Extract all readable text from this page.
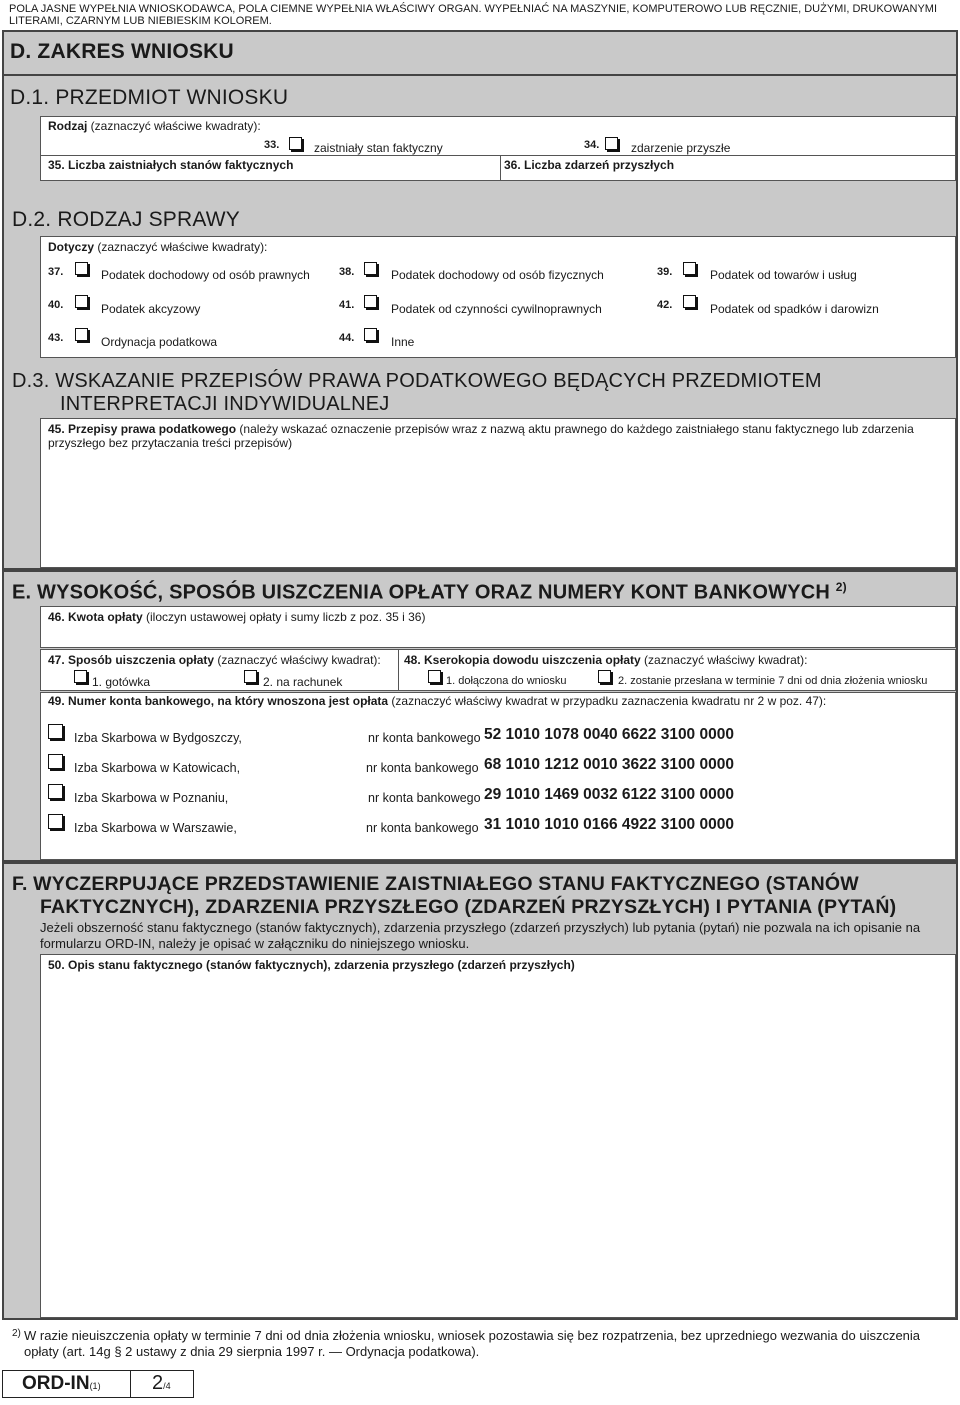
POLA JASNE WYPEŁNIA WNIOSKODAWCA, POLA CIEMNE WYPEŁNIA WŁAŚCIWY ORGAN. WYPEŁNIAĆ NA MASZYNIE, KOMPUTEROWO LUB RĘCZNIE, DUŻYMI, DRUKOWANYMI LITERAMI, CZARNYM LUB NIEBIESKIM KOLOREM.
D. ZAKRES WNIOSKU
D.1. PRZEDMIOT WNIOSKU
Rodzaj (zaznaczyć właściwe kwadraty):
33.	zaistniały stan faktyczny	34.	zdarzenie przyszłe
35. Liczba zaistniałych stanów faktycznych	36. Liczba zdarzeń przyszłych
D.2. RODZAJ SPRAWY
Dotyczy (zaznaczyć właściwe kwadraty):
37.	Podatek dochodowy od osób prawnych	38.	Podatek dochodowy od osób fizycznych	39.	Podatek od towarów i usług
40.	Podatek akcyzowy	41.	Podatek od czynności cywilnoprawnych	42.	Podatek od spadków i darowizn
43.	Ordynacja podatkowa	44.	Inne
D.3. WSKAZANIE PRZEPISÓW PRAWA PODATKOWEGO BĘDĄCYCH PRZEDMIOTEM
INTERPRETACJI INDYWIDUALNEJ
45. Przepisy prawa podatkowego (należy wskazać oznaczenie przepisów wraz z nazwą aktu prawnego do każdego zaistniałego stanu faktycznego lub zdarzenia przyszłego bez przytaczania treści przepisów)
E. WYSOKOŚĆ, SPOSÓB UISZCZENIA OPŁATY ORAZ NUMERY KONT BANKOWYCH $^{2)}$
46. Kwota opłaty (iloczyn ustawowej opłaty i sumy liczb z poz. 35 i 36)
47. Sposób uiszczenia opłaty (zaznaczyć właściwy kwadrat):
1. gotówka	2. na rachunek
48. Kserokopia dowodu uiszczenia opłaty (zaznaczyć właściwy kwadrat):
1. dołączona do wniosku	2. zostanie przesłana w terminie 7 dni od dnia złożenia wniosku
49. Numer konta bankowego, na który wnoszona jest opłata (zaznaczyć właściwy kwadrat w przypadku zaznaczenia kwadratu nr 2 w poz. 47):
Izba Skarbowa w Bydgoszczy,	nr konta bankowego 52 1010 1078 0040 6622 3100 0000
Izba Skarbowa w Katowicach,	nr konta bankowego 68 1010 1212 0010 3622 3100 0000
Izba Skarbowa w Poznaniu,	nr konta bankowego 29 1010 1469 0032 6122 3100 0000
Izba Skarbowa w Warszawie,	nr konta bankowego 31 1010 1010 0166 4922 3100 0000
F. WYCZERPUJĄCE PRZEDSTAWIENIE ZAISTNIAŁEGO STANU FAKTYCZNEGO (STANÓW
FAKTYCZNYCH), ZDARZENIA PRZYSZŁEGO (ZDARZEŃ PRZYSZŁYCH) I PYTANIA (PYTAŃ)
Jeżeli obszerność stanu faktycznego (stanów faktycznych), zdarzenia przyszłego (zdarzeń przyszłych) lub pytania (pytań) nie pozwala na ich opisanie na formularzu ORD-IN, należy je opisać w załączniku do niniejszego wniosku.
50. Opis stanu faktycznego (stanów faktycznych), zdarzenia przyszłego (zdarzeń przyszłych)
2) W razie nieuiszczenia opłaty w terminie 7 dni od dnia złożenia wniosku, wniosek pozostawia się bez rozpatrzenia, bez uprzedniego wezwania do uiszczenia opłaty (art. 14g § 2 ustawy z dnia 29 sierpnia 1997 r. — Ordynacja podatkowa).
ORD-IN(1)	2/4
